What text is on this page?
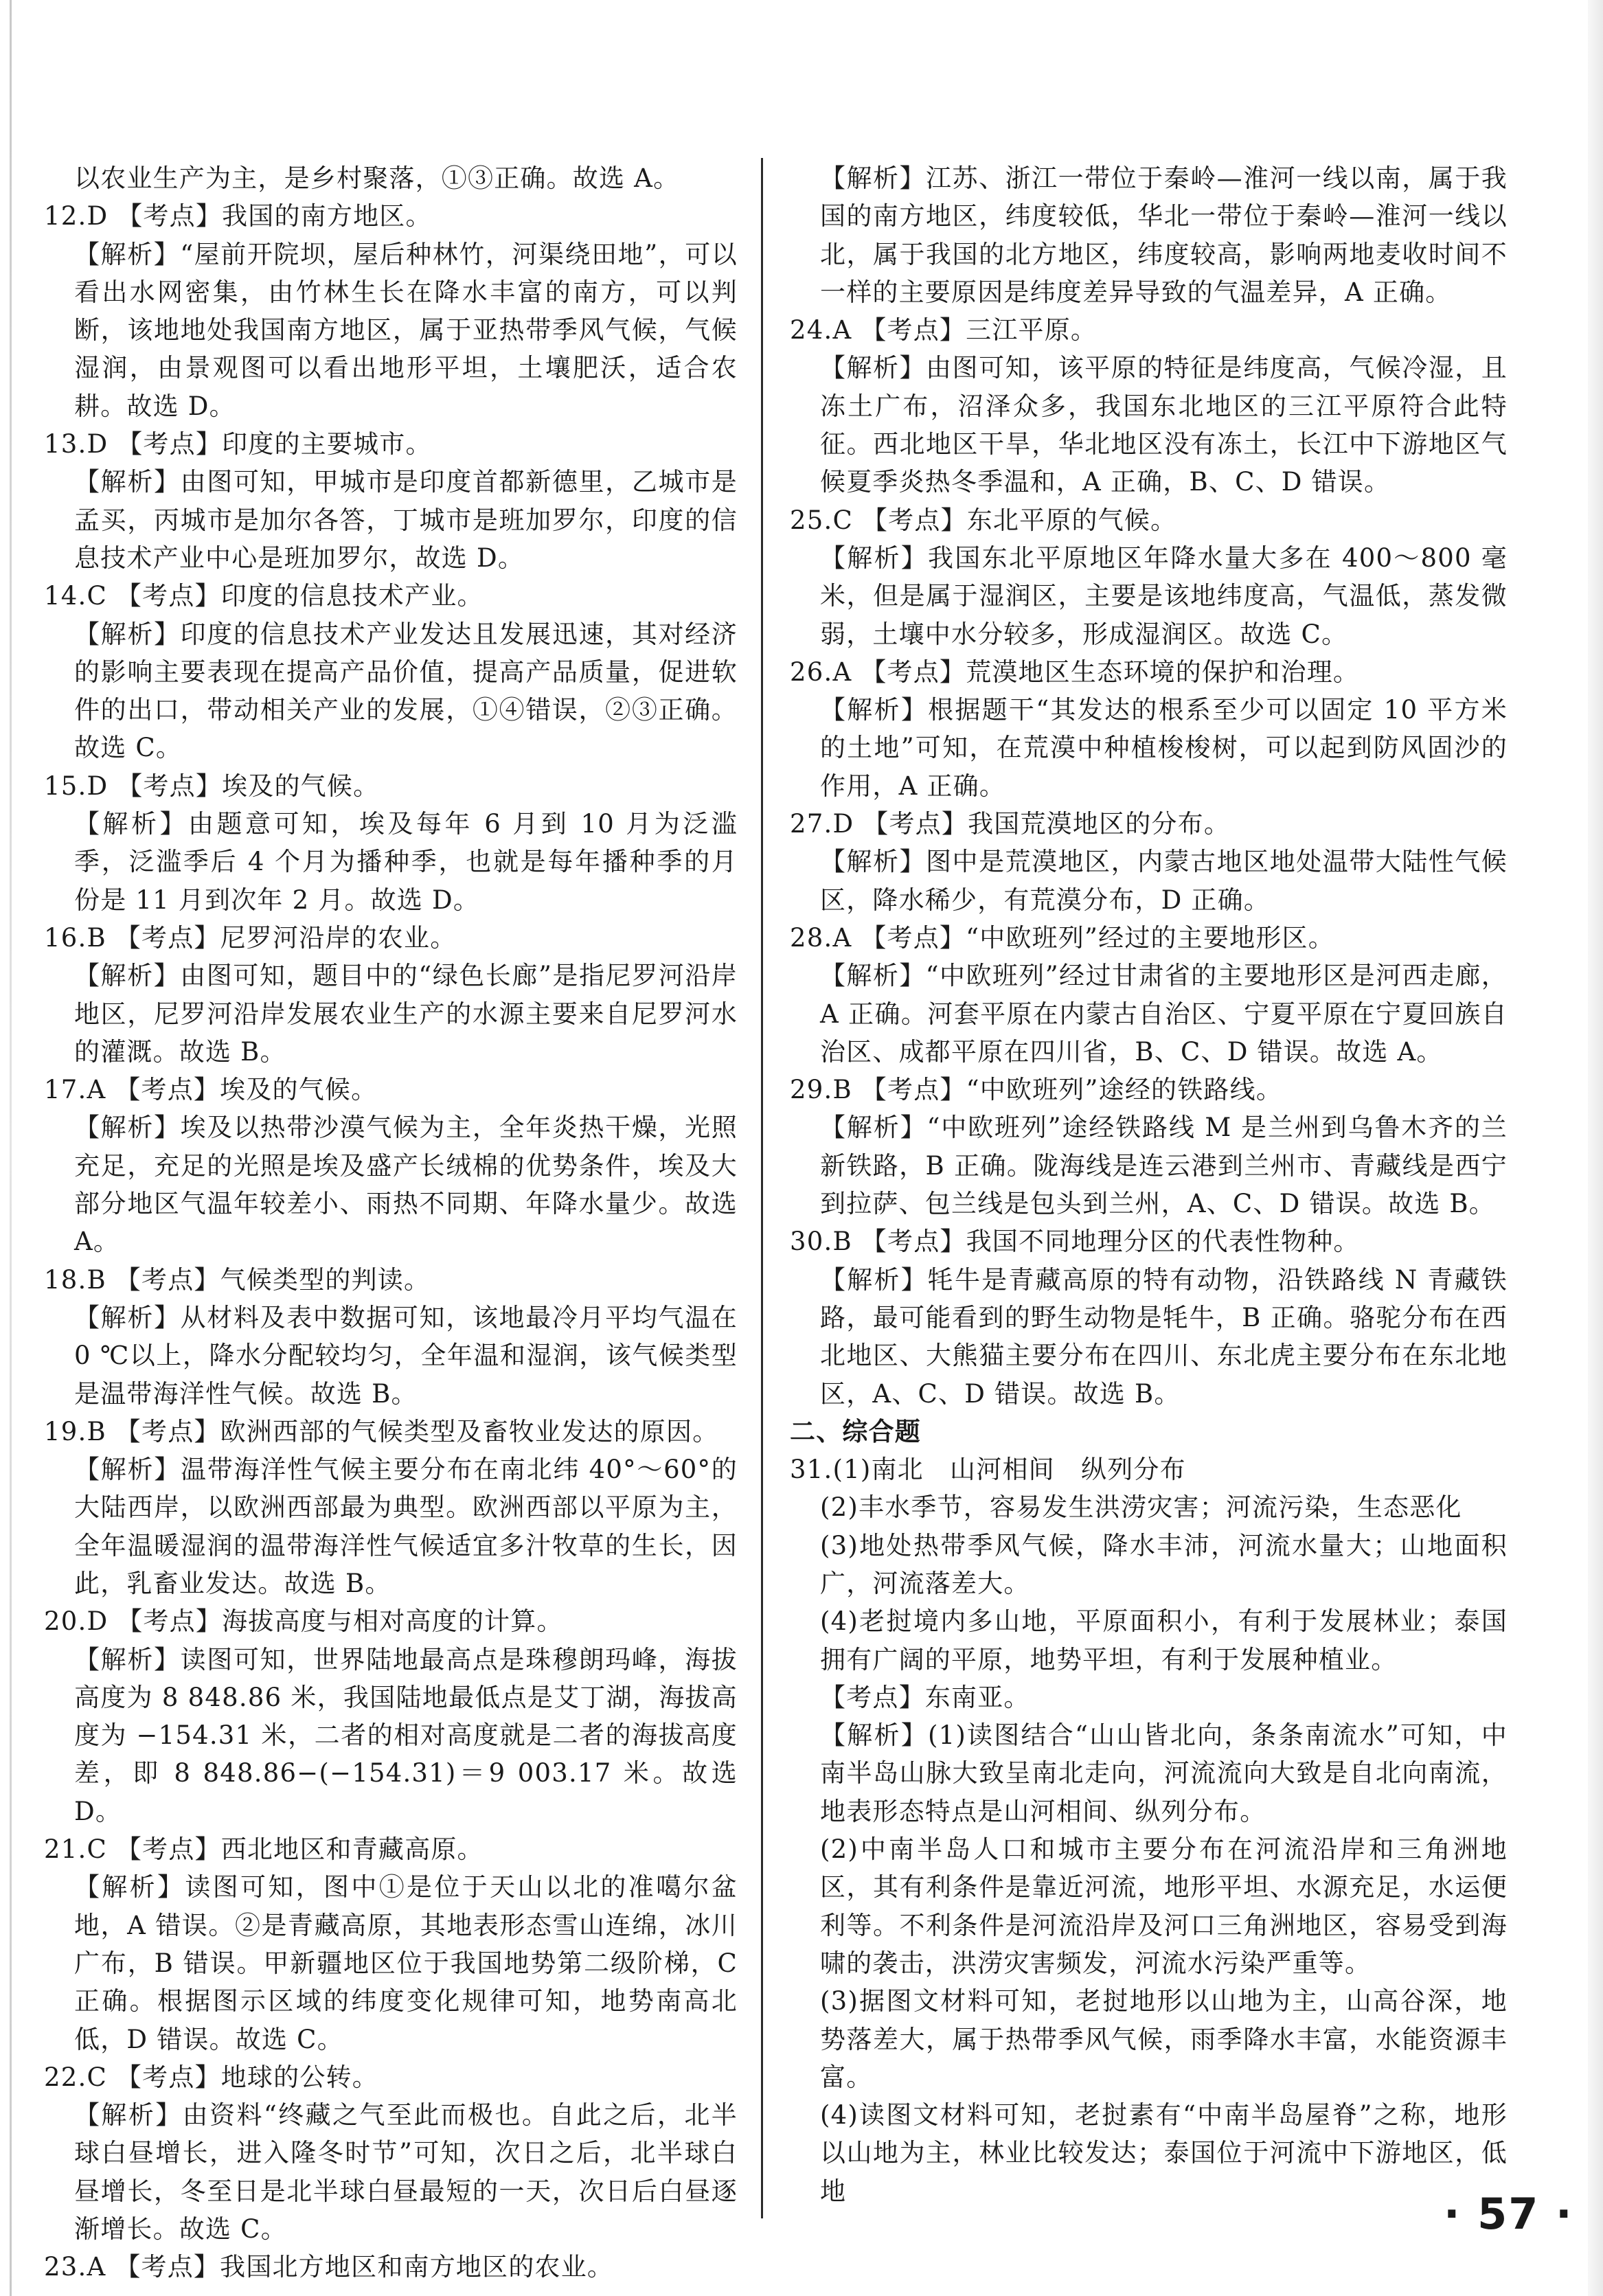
以农业生产为主，是乡村聚落，①③正确。故选 A。

12.D 【考点】我国的南方地区。

【解析】“屋前开院坝，屋后种林竹，河渠绕田地”，可以看出水网密集，由竹林生长在降水丰富的南方，可以判断，该地地处我国南方地区，属于亚热带季风气候，气候湿润，由景观图可以看出地形平坦，土壤肥沃，适合农耕。故选 D。

13.D 【考点】印度的主要城市。

【解析】由图可知，甲城市是印度首都新德里，乙城市是孟买，丙城市是加尔各答，丁城市是班加罗尔，印度的信息技术产业中心是班加罗尔，故选 D。

14.C 【考点】印度的信息技术产业。

【解析】印度的信息技术产业发达且发展迅速，其对经济的影响主要表现在提高产品价值，提高产品质量，促进软件的出口，带动相关产业的发展，①④错误，②③正确。故选 C。

15.D 【考点】埃及的气候。

【解析】由题意可知，埃及每年 6 月到 10 月为泛滥季，泛滥季后 4 个月为播种季，也就是每年播种季的月份是 11 月到次年 2 月。故选 D。

16.B 【考点】尼罗河沿岸的农业。

【解析】由图可知，题目中的“绿色长廊”是指尼罗河沿岸地区，尼罗河沿岸发展农业生产的水源主要来自尼罗河水的灌溉。故选 B。

17.A 【考点】埃及的气候。

【解析】埃及以热带沙漠气候为主，全年炎热干燥，光照充足，充足的光照是埃及盛产长绒棉的优势条件，埃及大部分地区气温年较差小、雨热不同期、年降水量少。故选 A。

18.B 【考点】气候类型的判读。

【解析】从材料及表中数据可知，该地最冷月平均气温在 0 ℃以上，降水分配较均匀，全年温和湿润，该气候类型是温带海洋性气候。故选 B。

19.B 【考点】欧洲西部的气候类型及畜牧业发达的原因。

【解析】温带海洋性气候主要分布在南北纬 40°～60°的大陆西岸，以欧洲西部最为典型。欧洲西部以平原为主，全年温暖湿润的温带海洋性气候适宜多汁牧草的生长，因此，乳畜业发达。故选 B。

20.D 【考点】海拔高度与相对高度的计算。

【解析】读图可知，世界陆地最高点是珠穆朗玛峰，海拔高度为 8 848.86 米，我国陆地最低点是艾丁湖，海拔高度为 −154.31 米，二者的相对高度就是二者的海拔高度差，即 8 848.86−(−154.31)＝9 003.17 米。故选 D。

21.C 【考点】西北地区和青藏高原。

【解析】读图可知，图中①是位于天山以北的准噶尔盆地，A 错误。②是青藏高原，其地表形态雪山连绵，冰川广布，B 错误。甲新疆地区位于我国地势第二级阶梯，C 正确。根据图示区域的纬度变化规律可知，地势南高北低，D 错误。故选 C。

22.C 【考点】地球的公转。

【解析】由资料“终藏之气至此而极也。自此之后，北半球白昼增长，进入隆冬时节”可知，次日之后，北半球白昼增长，冬至日是北半球白昼最短的一天，次日后白昼逐渐增长。故选 C。

23.A 【考点】我国北方地区和南方地区的农业。

【解析】江苏、浙江一带位于秦岭—淮河一线以南，属于我国的南方地区，纬度较低，华北一带位于秦岭—淮河一线以北，属于我国的北方地区，纬度较高，影响两地麦收时间不一样的主要原因是纬度差异导致的气温差异，A 正确。

24.A 【考点】三江平原。

【解析】由图可知，该平原的特征是纬度高，气候冷湿，且冻土广布，沼泽众多，我国东北地区的三江平原符合此特征。西北地区干旱，华北地区没有冻土，长江中下游地区气候夏季炎热冬季温和，A 正确，B、C、D 错误。

25.C 【考点】东北平原的气候。

【解析】我国东北平原地区年降水量大多在 400～800 毫米，但是属于湿润区，主要是该地纬度高，气温低，蒸发微弱，土壤中水分较多，形成湿润区。故选 C。

26.A 【考点】荒漠地区生态环境的保护和治理。

【解析】根据题干“其发达的根系至少可以固定 10 平方米的土地”可知，在荒漠中种植梭梭树，可以起到防风固沙的作用，A 正确。

27.D 【考点】我国荒漠地区的分布。

【解析】图中是荒漠地区，内蒙古地区地处温带大陆性气候区，降水稀少，有荒漠分布，D 正确。

28.A 【考点】“中欧班列”经过的主要地形区。

【解析】“中欧班列”经过甘肃省的主要地形区是河西走廊，A 正确。河套平原在内蒙古自治区、宁夏平原在宁夏回族自治区、成都平原在四川省，B、C、D 错误。故选 A。

29.B 【考点】“中欧班列”途经的铁路线。

【解析】“中欧班列”途经铁路线 M 是兰州到乌鲁木齐的兰新铁路，B 正确。陇海线是连云港到兰州市、青藏线是西宁到拉萨、包兰线是包头到兰州，A、C、D 错误。故选 B。

30.B 【考点】我国不同地理分区的代表性物种。

【解析】牦牛是青藏高原的特有动物，沿铁路线 N 青藏铁路，最可能看到的野生动物是牦牛，B 正确。骆驼分布在西北地区、大熊猫主要分布在四川、东北虎主要分布在东北地区，A、C、D 错误。故选 B。

二、综合题

31.(1)南北　山河相间　纵列分布

(2)丰水季节，容易发生洪涝灾害；河流污染，生态恶化

(3)地处热带季风气候，降水丰沛，河流水量大；山地面积广，河流落差大。

(4)老挝境内多山地，平原面积小，有利于发展林业；泰国拥有广阔的平原，地势平坦，有利于发展种植业。

【考点】东南亚。

【解析】(1)读图结合“山山皆北向，条条南流水”可知，中南半岛山脉大致呈南北走向，河流流向大致是自北向南流，地表形态特点是山河相间、纵列分布。

(2)中南半岛人口和城市主要分布在河流沿岸和三角洲地区，其有利条件是靠近河流，地形平坦、水源充足，水运便利等。不利条件是河流沿岸及河口三角洲地区，容易受到海啸的袭击，洪涝灾害频发，河流水污染严重等。

(3)据图文材料可知，老挝地形以山地为主，山高谷深，地势落差大，属于热带季风气候，雨季降水丰富，水能资源丰富。

(4)读图文材料可知，老挝素有“中南半岛屋脊”之称，地形以山地为主，林业比较发达；泰国位于河流中下游地区，低地	· 57 ·
